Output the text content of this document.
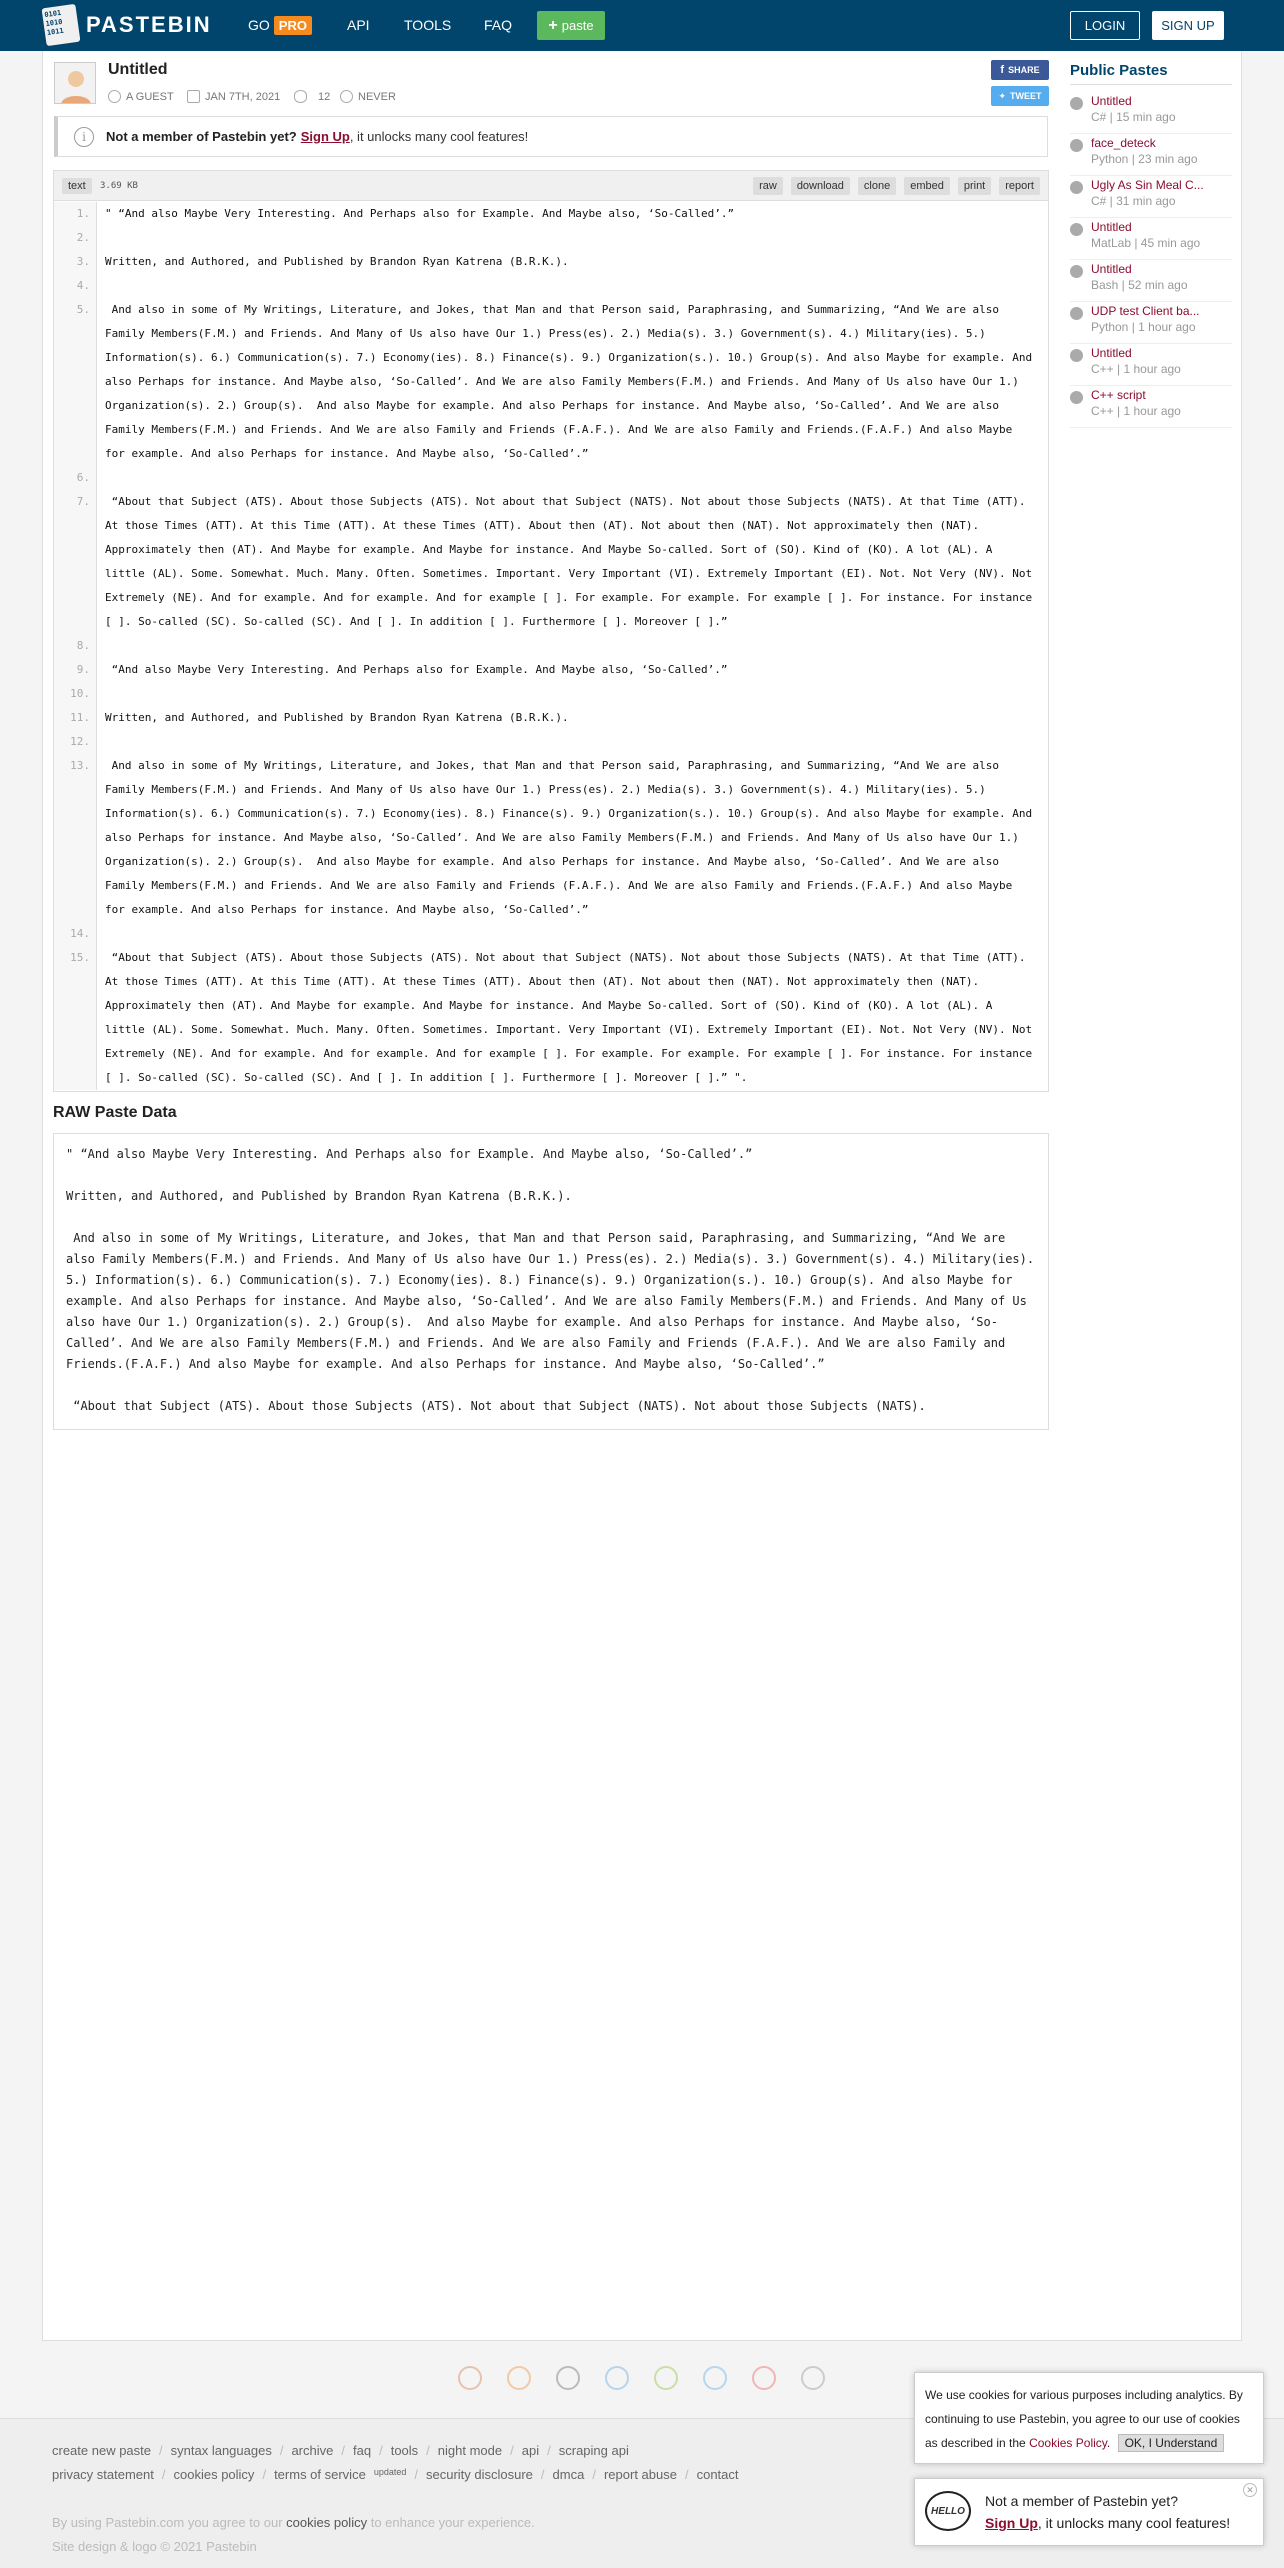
0101 1010 1011 PASTEBIN	GO PRO	API TOOLS FAQ + paste	LOGIN	SIGN UP
Untitled
A GUEST	JAN 7TH, 2021	12	NEVER
f SHARE
✦ TWEET
i	Not a member of Pastebin yet? Sign Up , it unlocks many cool features!
text	3.69 KB	raw	download	clone	embed	print	report
1.	" “And also Maybe Very Interesting. And Perhaps also for Example. And Maybe also, ‘So-Called’.”
2.
3.	Written, and Authored, and Published by Brandon Ryan Katrena (B.R.K.).
4.
5.	And also in some of My Writings, Literature, and Jokes, that Man and that Person said, Paraphrasing, and Summarizing, “And We are also Family Members(F.M.) and Friends. And Many of Us also have Our 1.) Press(es). 2.) Media(s). 3.) Government(s). 4.) Military(ies). 5.) Information(s). 6.) Communication(s). 7.) Economy(ies). 8.) Finance(s). 9.) Organization(s.). 10.) Group(s). And also Maybe for example. And also Perhaps for instance. And Maybe also, ‘So-Called’. And We are also Family Members(F.M.) and Friends. And Many of Us also have Our 1.) Organization(s). 2.) Group(s).  And also Maybe for example. And also Perhaps for instance. And Maybe also, ‘So-Called’. And We are also Family Members(F.M.) and Friends. And We are also Family and Friends (F.A.F.). And We are also Family and Friends.(F.A.F.) And also Maybe for example. And also Perhaps for instance. And Maybe also, ‘So-Called’.”
6.
7.	“About that Subject (ATS). About those Subjects (ATS). Not about that Subject (NATS). Not about those Subjects (NATS). At that Time (ATT). At those Times (ATT). At this Time (ATT). At these Times (ATT). About then (AT). Not about then (NAT). Not approximately then (NAT). Approximately then (AT). And Maybe for example. And Maybe for instance. And Maybe So-called. Sort of (SO). Kind of (KO). A lot (AL). A little (AL). Some. Somewhat. Much. Many. Often. Sometimes. Important. Very Important (VI). Extremely Important (EI). Not. Not Very (NV). Not Extremely (NE). And for example. And for example. And for example [ ]. For example. For example. For example [ ]. For instance. For instance [ ]. So-called (SC). So-called (SC). And [ ]. In addition [ ]. Furthermore [ ]. Moreover [ ].”
8.
9.	“And also Maybe Very Interesting. And Perhaps also for Example. And Maybe also, ‘So-Called’.”
10.
11.	Written, and Authored, and Published by Brandon Ryan Katrena (B.R.K.).
12.
13.	And also in some of My Writings, Literature, and Jokes, that Man and that Person said, Paraphrasing, and Summarizing, “And We are also Family Members(F.M.) and Friends. And Many of Us also have Our 1.) Press(es). 2.) Media(s). 3.) Government(s). 4.) Military(ies). 5.) Information(s). 6.) Communication(s). 7.) Economy(ies). 8.) Finance(s). 9.) Organization(s.). 10.) Group(s). And also Maybe for example. And also Perhaps for instance. And Maybe also, ‘So-Called’. And We are also Family Members(F.M.) and Friends. And Many of Us also have Our 1.) Organization(s). 2.) Group(s).  And also Maybe for example. And also Perhaps for instance. And Maybe also, ‘So-Called’. And We are also Family Members(F.M.) and Friends. And We are also Family and Friends (F.A.F.). And We are also Family and Friends.(F.A.F.) And also Maybe for example. And also Perhaps for instance. And Maybe also, ‘So-Called’.”
14.
15.	“About that Subject (ATS). About those Subjects (ATS). Not about that Subject (NATS). Not about those Subjects (NATS). At that Time (ATT). At those Times (ATT). At this Time (ATT). At these Times (ATT). About then (AT). Not about then (NAT). Not approximately then (NAT). Approximately then (AT). And Maybe for example. And Maybe for instance. And Maybe So-called. Sort of (SO). Kind of (KO). A lot (AL). A little (AL). Some. Somewhat. Much. Many. Often. Sometimes. Important. Very Important (VI). Extremely Important (EI). Not. Not Very (NV). Not Extremely (NE). And for example. And for example. And for example [ ]. For example. For example. For example [ ]. For instance. For instance [ ]. So-called (SC). So-called (SC). And [ ]. In addition [ ]. Furthermore [ ]. Moreover [ ].” ".
RAW Paste Data
" “And also Maybe Very Interesting. And Perhaps also for Example. And Maybe also, ‘So-Called’.”

Written, and Authored, and Published by Brandon Ryan Katrena (B.R.K.).

And also in some of My Writings, Literature, and Jokes, that Man and that Person said, Paraphrasing, and Summarizing, “And We are also Family Members(F.M.) and Friends. And Many of Us also have Our 1.) Press(es). 2.) Media(s). 3.) Government(s). 4.) Military(ies). 5.) Information(s). 6.) Communication(s). 7.) Economy(ies). 8.) Finance(s). 9.) Organization(s.). 10.) Group(s). And also Maybe for example. And also Perhaps for instance. And Maybe also, ‘So-Called’. And We are also Family Members(F.M.) and Friends. And Many of Us also have Our 1.) Organization(s). 2.) Group(s).  And also Maybe for example. And also Perhaps for instance. And Maybe also, ‘So-Called’. And We are also Family Members(F.M.) and Friends. And We are also Family and Friends (F.A.F.). And We are also Family and Friends.(F.A.F.) And also Maybe for example. And also Perhaps for instance. And Maybe also, ‘So-Called’.”

“About that Subject (ATS). About those Subjects (ATS). Not about that Subject (NATS). Not about those Subjects (NATS).
Public Pastes
Untitled
C# | 15 min ago
face_deteck
Python | 23 min ago
Ugly As Sin Meal C...
C# | 31 min ago
Untitled
MatLab | 45 min ago
Untitled
Bash | 52 min ago
UDP test Client ba...
Python | 1 hour ago
Untitled
C++ | 1 hour ago
C++ script
C++ | 1 hour ago
create new paste / syntax languages / archive / faq / tools / night mode / api / scraping api
privacy statement / cookies policy / terms of service updated / security disclosure / dmca / report abuse / contact
By using Pastebin.com you agree to our cookies policy to enhance your experience.
Site design & logo © 2021 Pastebin
We use cookies for various purposes including analytics. By continuing to use Pastebin, you agree to our use of cookies as described in the Cookies Policy. OK, I Understand
HELLO
Not a member of Pastebin yet?
Sign Up, it unlocks many cool features!
✕
